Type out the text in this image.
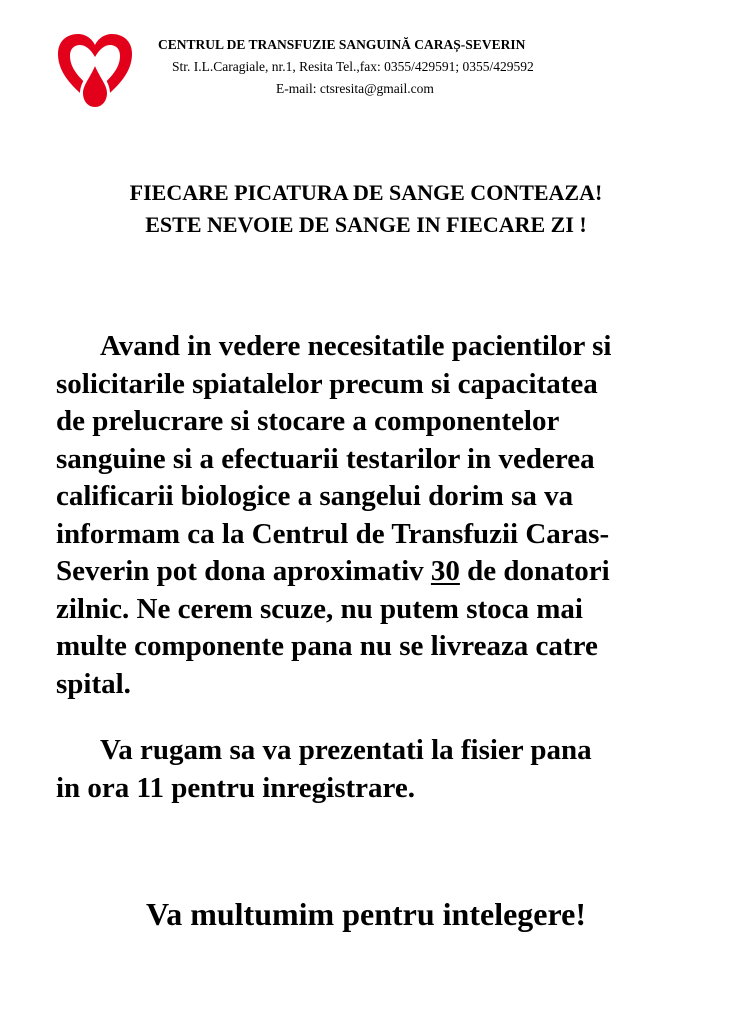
CENTRUL DE TRANSFUZIE SANGUINĂ CARAȘ-SEVERIN
Str. I.L.Caragiale, nr.1, Resita Tel.,fax: 0355/429591; 0355/429592
E-mail: ctsresita@gmail.com
FIECARE PICATURA DE SANGE CONTEAZA!
ESTE NEVOIE DE SANGE IN FIECARE ZI !
Avand in vedere necesitatile pacientilor si
solicitarile spiatalelor precum si capacitatea
de prelucrare si stocare a componentelor
sanguine si a efectuarii testarilor in vederea
calificarii biologice a sangelui dorim sa va
informam ca la Centrul de Transfuzii Caras-
Severin pot dona aproximativ 30 de donatori
zilnic. Ne cerem scuze, nu putem stoca mai
multe componente pana nu se livreaza catre
spital.
Va rugam sa va prezentati la fisier pana
in ora 11 pentru inregistrare.
Va multumim pentru intelegere!
